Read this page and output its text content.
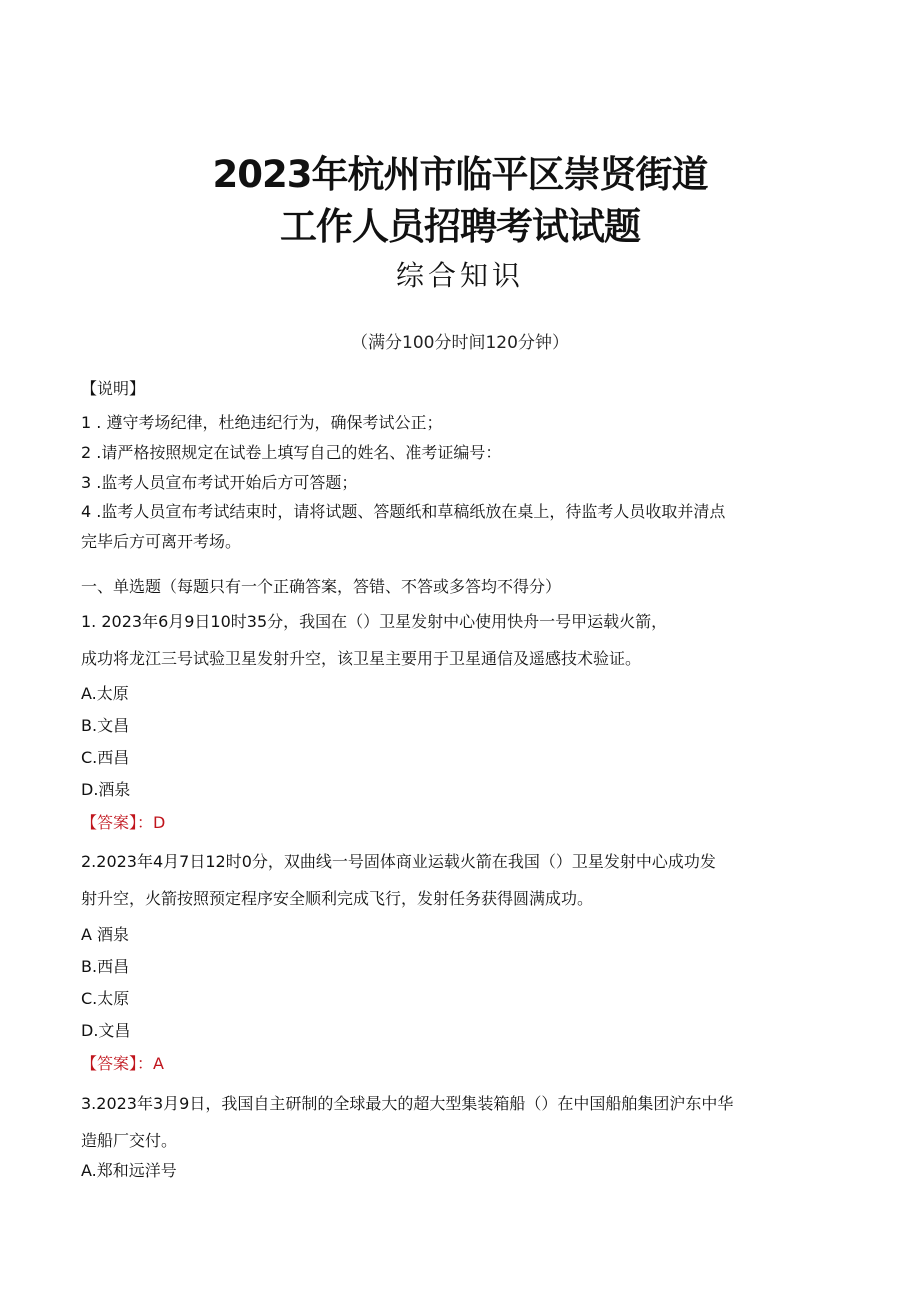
2023年杭州市临平区崇贤街道
工作人员招聘考试试题
综合知识
（满分100分时间120分钟）
【说明】
1 . 遵守考场纪律，杜绝违纪行为，确保考试公正；
2 .请严格按照规定在试卷上填写自己的姓名、准考证编号：
3 .监考人员宣布考试开始后方可答题；
4 .监考人员宣布考试结束时，请将试题、答题纸和草稿纸放在桌上，待监考人员收取并清点
完毕后方可离开考场。
一、单选题（每题只有一个正确答案，答错、不答或多答均不得分）
1. 2023年6月9日10时35分，我国在（）卫星发射中心使用快舟一号甲运载火箭，
成功将龙江三号试验卫星发射升空，该卫星主要用于卫星通信及遥感技术验证。
A.太原
B.文昌
C.西昌
D.酒泉
【答案】：D
2.2023年4月7日12时0分，双曲线一号固体商业运载火箭在我国（）卫星发射中心成功发
射升空，火箭按照预定程序安全顺利完成飞行，发射任务获得圆满成功。
A 酒泉
B.西昌
C.太原
D.文昌
【答案】：A
3.2023年3月9日，我国自主研制的全球最大的超大型集装箱船（）在中国船舶集团沪东中华
造船厂交付。
A.郑和远洋号
